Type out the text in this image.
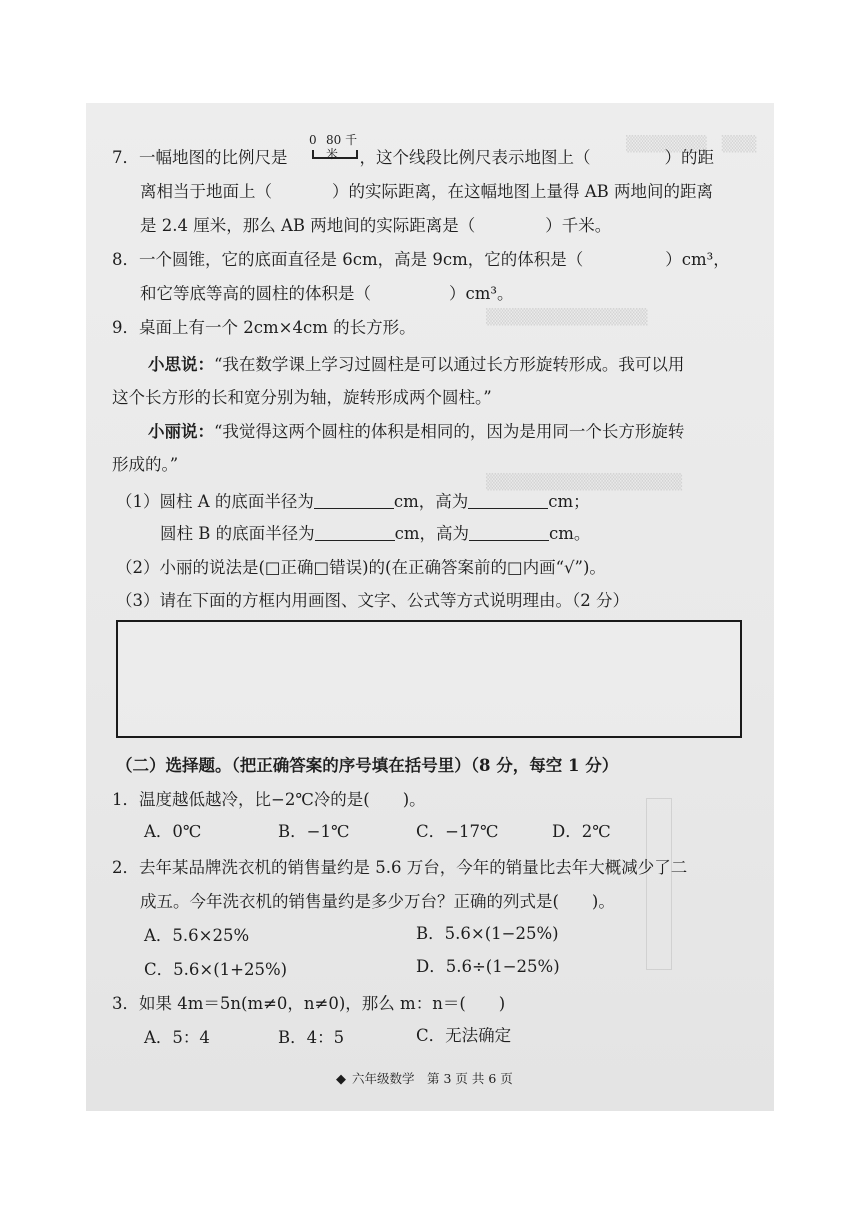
▒▒▒▒▒▒▒　▒▒▒
▒▒▒▒▒▒▒▒▒▒▒▒▒▒
▒▒▒▒▒▒▒▒▒▒▒▒▒▒▒▒▒
0 80 千米
7．一幅地图的比例尺是	，这个线段比例尺表示地图上（	）的距
离相当于地面上（	）的实际距离，在这幅地图上量得 AB 两地间的距离
是 2.4 厘米，那么 AB 两地间的实际距离是（	）千米。
8．一个圆锥，它的底面直径是 6cm，高是 9cm，它的体积是（	）cm³，
和它等底等高的圆柱的体积是（	）cm³。
9．桌面上有一个 2cm×4cm 的长方形。
小思说：“我在数学课上学习过圆柱是可以通过长方形旋转形成。我可以用
这个长方形的长和宽分别为轴，旋转形成两个圆柱。”
小丽说：“我觉得这两个圆柱的体积是相同的，因为是用同一个长方形旋转
形成的。”
（1）圆柱 A 的底面半径为	cm，高为	cm；
圆柱 B 的底面半径为	cm，高为	cm。
（2）小丽的说法是(□正确□错误)的(在正确答案前的□内画“√”)。
（3）请在下面的方框内用画图、文字、公式等方式说明理由。（2 分）
（二）选择题。（把正确答案的序号填在括号里）（8 分，每空 1 分）
1．温度越低越冷，比−2℃冷的是(　　)。
A．0℃	B．−1℃	C．−17℃	D．2℃
2．去年某品牌洗衣机的销售量约是 5.6 万台，今年的销量比去年大概减少了二
成五。今年洗衣机的销售量约是多少万台？正确的列式是(　　)。
A．5.6×25%	B．5.6×(1−25%)
C．5.6×(1+25%)	D．5.6÷(1−25%)
3．如果 4m＝5n(m≠0，n≠0)，那么 m：n＝(　　)
A．5：4	B．4：5	C．无法确定
◆ 六年级数学　第 3 页 共 6 页
